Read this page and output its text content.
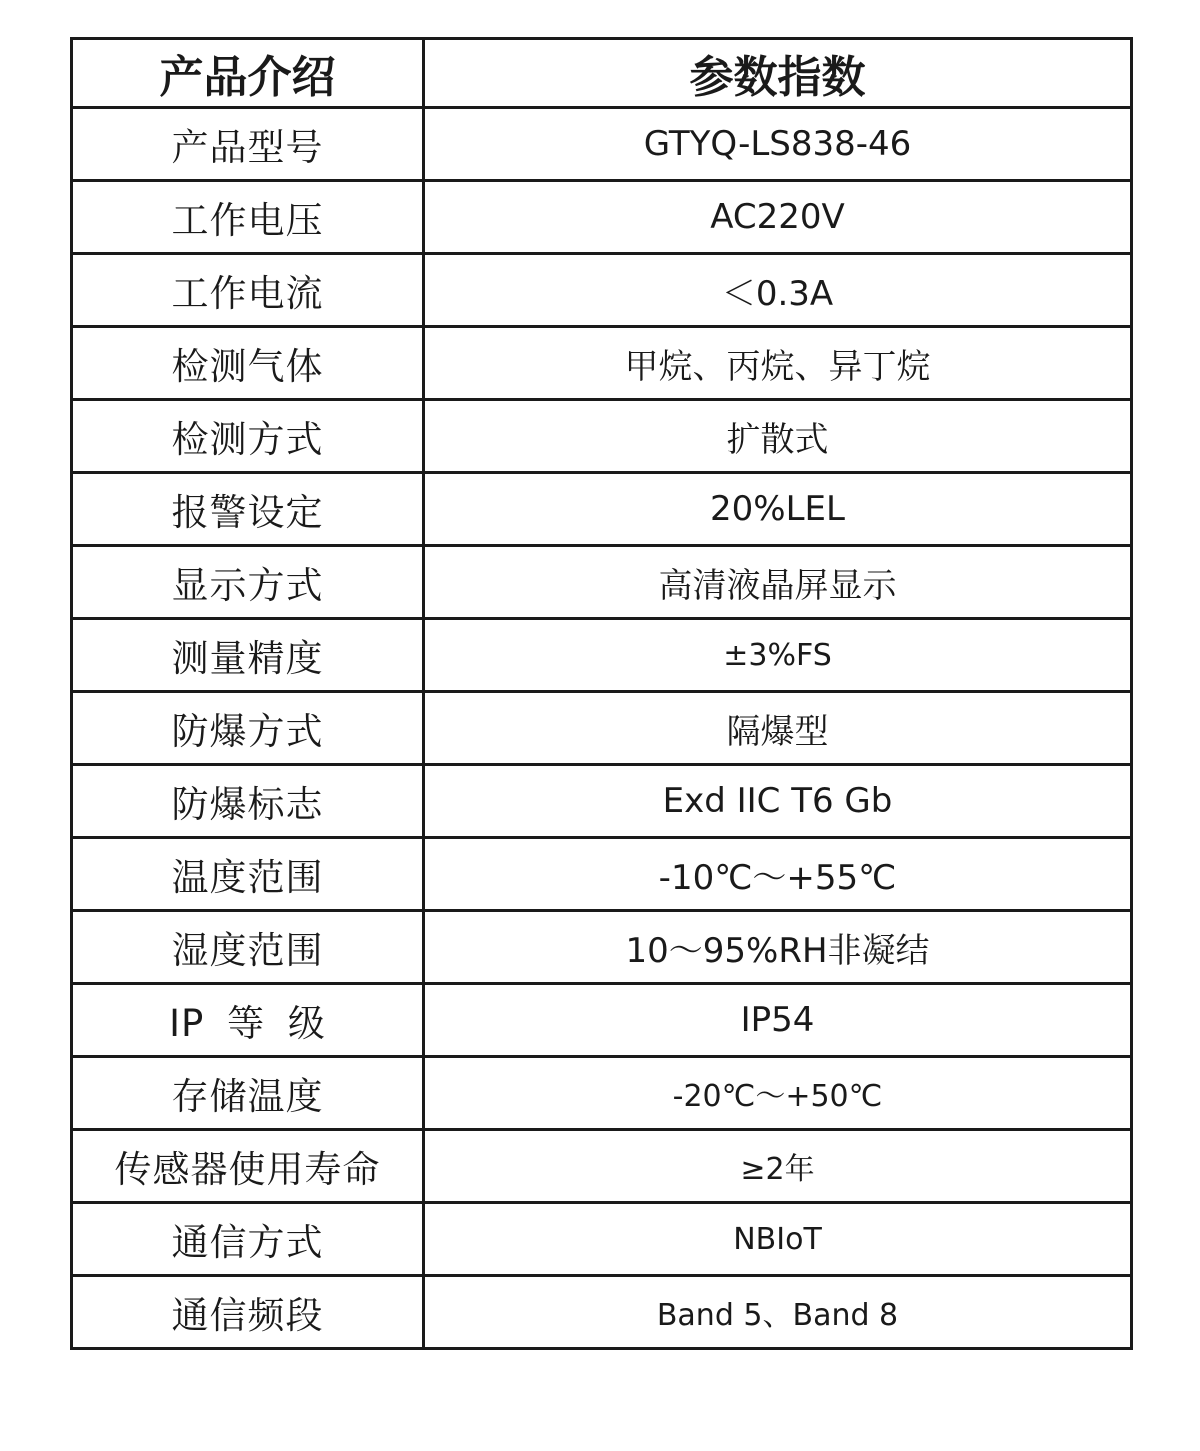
产品介绍	参数指数
产品型号	GTYQ-LS838-46
工作电压	AC220V
工作电流	＜0.3A
检测气体	甲烷、丙烷、异丁烷
检测方式	扩散式
报警设定	20%LEL
显示方式	高清液晶屏显示
测量精度	±3%FS
防爆方式	隔爆型
防爆标志	Exd IIC T6 Gb
温度范围	-10℃～+55℃
湿度范围	10～95%RH非凝结
IP 等 级	IP54
存储温度	-20℃～+50℃
传感器使用寿命	≥2年
通信方式	NBIoT
通信频段	Band 5、Band 8
